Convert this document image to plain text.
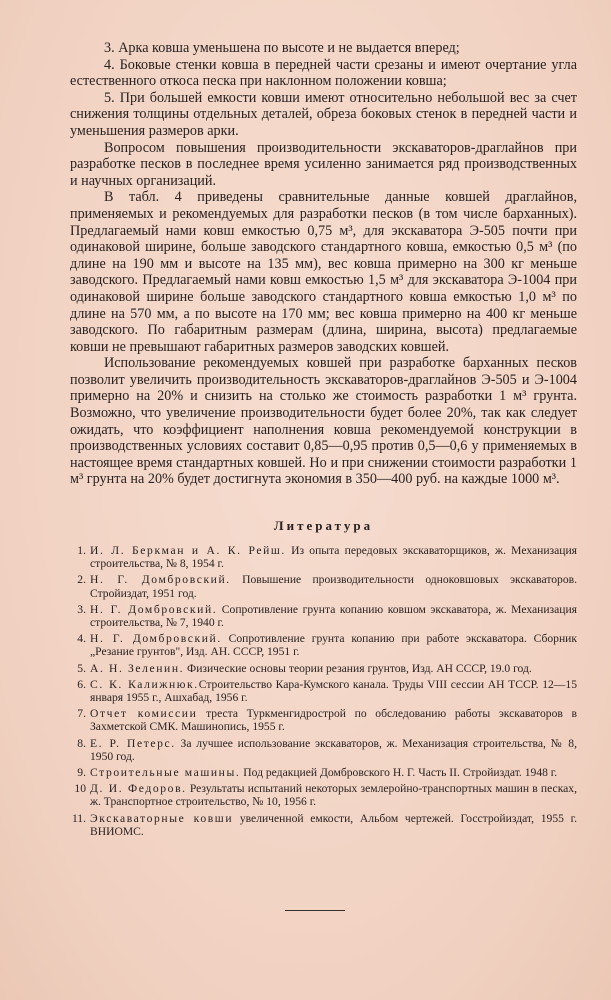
3. Арка ковша уменьшена по высоте и не выдается вперед;

4. Боковые стенки ковша в передней части срезаны и имеют очертание угла естественного откоса песка при наклонном положении ковша;

5. При большей емкости ковши имеют относительно небольшой вес за счет снижения толщины отдельных деталей, обреза боковых стенок в передней части и уменьшения размеров арки.

Вопросом повышения производительности экскаваторов-драглайнов при разработке песков в последнее время усиленно занимается ряд производственных и научных организаций.

В табл. 4 приведены сравнительные данные ковшей драглайнов, применяемых и рекомендуемых для разработки песков (в том числе барханных). Предлагаемый нами ковш емкостью 0,75 м³, для экскаватора Э-505 почти при одинаковой ширине, больше заводского стандартного ковша, емкостью 0,5 м³ (по длине на 190 мм и высоте на 135 мм), вес ковша примерно на 300 кг меньше заводского. Предлагаемый нами ковш емкостью 1,5 м³ для экскаватора Э-1004 при одинаковой ширине больше заводского стандартного ковша емкостью 1,0 м³ по длине на 570 мм, а по высоте на 170 мм; вес ковша примерно на 400 кг меньше заводского. По габаритным размерам (длина, ширина, высота) предлагаемые ковши не превышают габаритных размеров заводских ковшей.

Использование рекомендуемых ковшей при разработке барханных песков позволит увеличить производительность экскаваторов-драглайнов Э-505 и Э-1004 примерно на 20% и снизить на столько же стоимость разработки 1 м³ грунта. Возможно, что увеличение производительности будет более 20%, так как следует ожидать, что коэффициент наполнения ковша рекомендуемой конструкции в производственных условиях составит 0,85—0,95 против 0,5—0,6 у применяемых в настоящее время стандартных ковшей. Но и при снижении стоимости разработки 1 м³ грунта на 20% будет достигнута экономия в 350—400 руб. на каждые 1000 м³.

Литература
1. И. Л. Беркман и А. К. Рейш. Из опыта передовых экскаваторщиков, ж. Механизация строительства, № 8, 1954 г.
2. Н. Г. Домбровский. Повышение производительности одноковшовых экскаваторов. Стройиздат, 1951 год.
3. Н. Г. Домбровский. Сопротивление грунта копанию ковшом экскаватора, ж. Механизация строительства, № 7, 1940 г.
4. Н. Г. Домбровский. Сопротивление грунта копанию при работе экскаватора. Сборник „Резание грунтов", Изд. АН. СССР, 1951 г.
5. А. Н. Зеленин. Физические основы теории резания грунтов, Изд. АН СССР, 19.0 год.
6. С. К. Калижнюк.Строительство Кара-Кумского канала. Труды VIII сессии АН ТССР. 12—15 января 1955 г., Ашхабад, 1956 г.
7. Отчет комиссии треста Туркменгидрострой по обследованию работы экскаваторов в Захметской СМК. Машинопись, 1955 г.
8. Е. Р. Петерс. За лучшее использование экскаваторов, ж. Механизация строительства, № 8, 1950 год.
9. Строительные машины. Под редакцией Домбровского Н. Г. Часть II. Стройиздат. 1948 г.
10 Д. И. Федоров. Результаты испытаний некоторых землеройно-транспортных машин в песках, ж. Транспортное строительство, № 10, 1956 г.
11. Экскаваторные ковши увеличенной емкости, Альбом чертежей. Госстройиздат, 1955 г. ВНИОМС.
